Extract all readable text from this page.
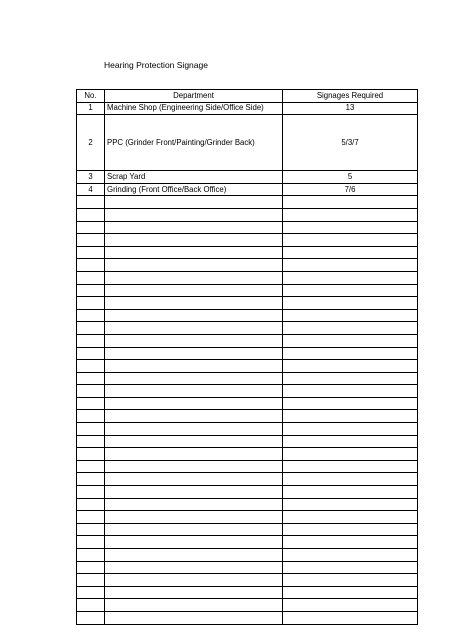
Hearing Protection Signage
No.	Department	Signages Required
1	Machine Shop (Engineering Side/Office Side)	13
2	PPC (Grinder Front/Painting/Grinder Back)	5/3/7
3	Scrap Yard	5
4	Grinding (Front Office/Back Office)	7/6
